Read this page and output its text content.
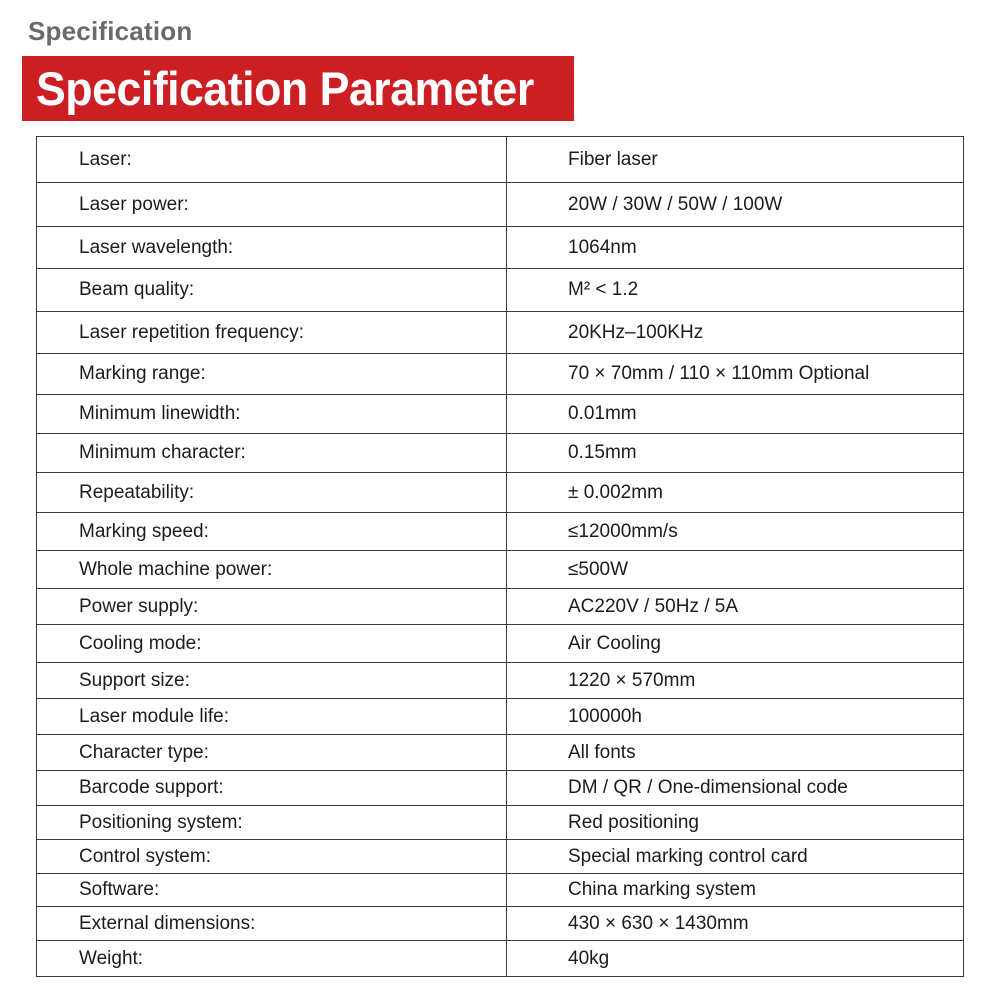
Specification
Specification Parameter
Laser:	Fiber laser
Laser power:	20W / 30W / 50W / 100W
Laser wavelength:	1064nm
Beam quality:	M² < 1.2
Laser repetition frequency:	20KHz–100KHz
Marking range:	70 × 70mm / 110 × 110mm Optional
Minimum linewidth:	0.01mm
Minimum character:	0.15mm
Repeatability:	± 0.002mm
Marking speed:	≤12000mm/s
Whole machine power:	≤500W
Power supply:	AC220V / 50Hz / 5A
Cooling mode:	Air Cooling
Support size:	1220 × 570mm
Laser module life:	100000h
Character type:	All fonts
Barcode support:	DM / QR / One-dimensional code
Positioning system:	Red positioning
Control system:	Special marking control card
Software:	China marking system
External dimensions:	430 × 630 × 1430mm
Weight:	40kg
